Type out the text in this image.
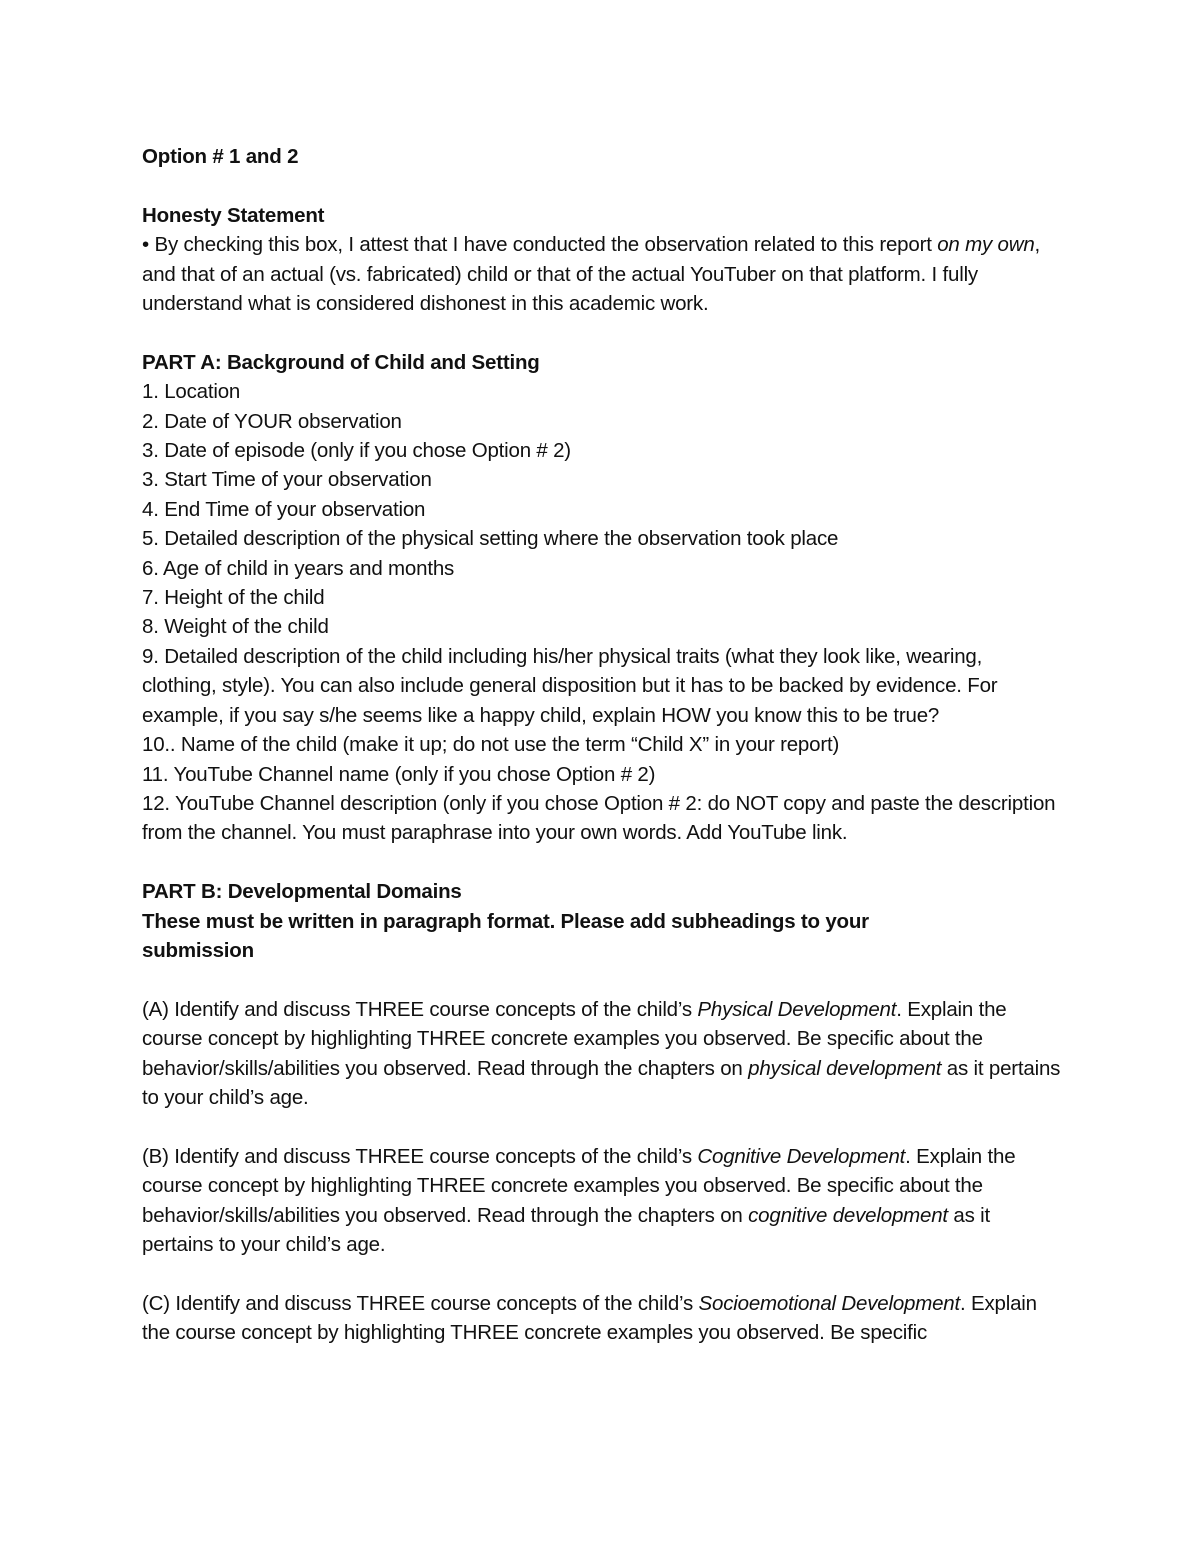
Option # 1 and 2

Honesty Statement

• By checking this box, I attest that I have conducted the observation related to this report on my own, and that of an actual (vs. fabricated) child or that of the actual YouTuber on that platform. I fully understand what is considered dishonest in this academic work.

PART A: Background of Child and Setting

1. Location

2. Date of YOUR observation

3. Date of episode (only if you chose Option # 2)

3. Start Time of your observation

4. End Time of your observation

5. Detailed description of the physical setting where the observation took place

6. Age of child in years and months

7. Height of the child

8. Weight of the child

9. Detailed description of the child including his/her physical traits (what they look like, wearing, clothing, style). You can also include general disposition but it has to be backed by evidence. For example, if you say s/he seems like a happy child, explain HOW you know this to be true?

10.. Name of the child (make it up; do not use the term “Child X” in your report)

11. YouTube Channel name (only if you chose Option # 2)

12. YouTube Channel description (only if you chose Option # 2: do NOT copy and paste the description from the channel. You must paraphrase into your own words. Add YouTube link.

PART B: Developmental Domains

These must be written in paragraph format. Please add subheadings to your submission

(A) Identify and discuss THREE course concepts of the child’s Physical Development. Explain the course concept by highlighting THREE concrete examples you observed. Be specific about the behavior/skills/abilities you observed. Read through the chapters on physical development as it pertains to your child’s age.

(B) Identify and discuss THREE course concepts of the child’s Cognitive Development. Explain the course concept by highlighting THREE concrete examples you observed. Be specific about the behavior/skills/abilities you observed. Read through the chapters on cognitive development as it pertains to your child’s age.

(C) Identify and discuss THREE course concepts of the child’s Socioemotional Development. Explain the course concept by highlighting THREE concrete examples you observed. Be specific
